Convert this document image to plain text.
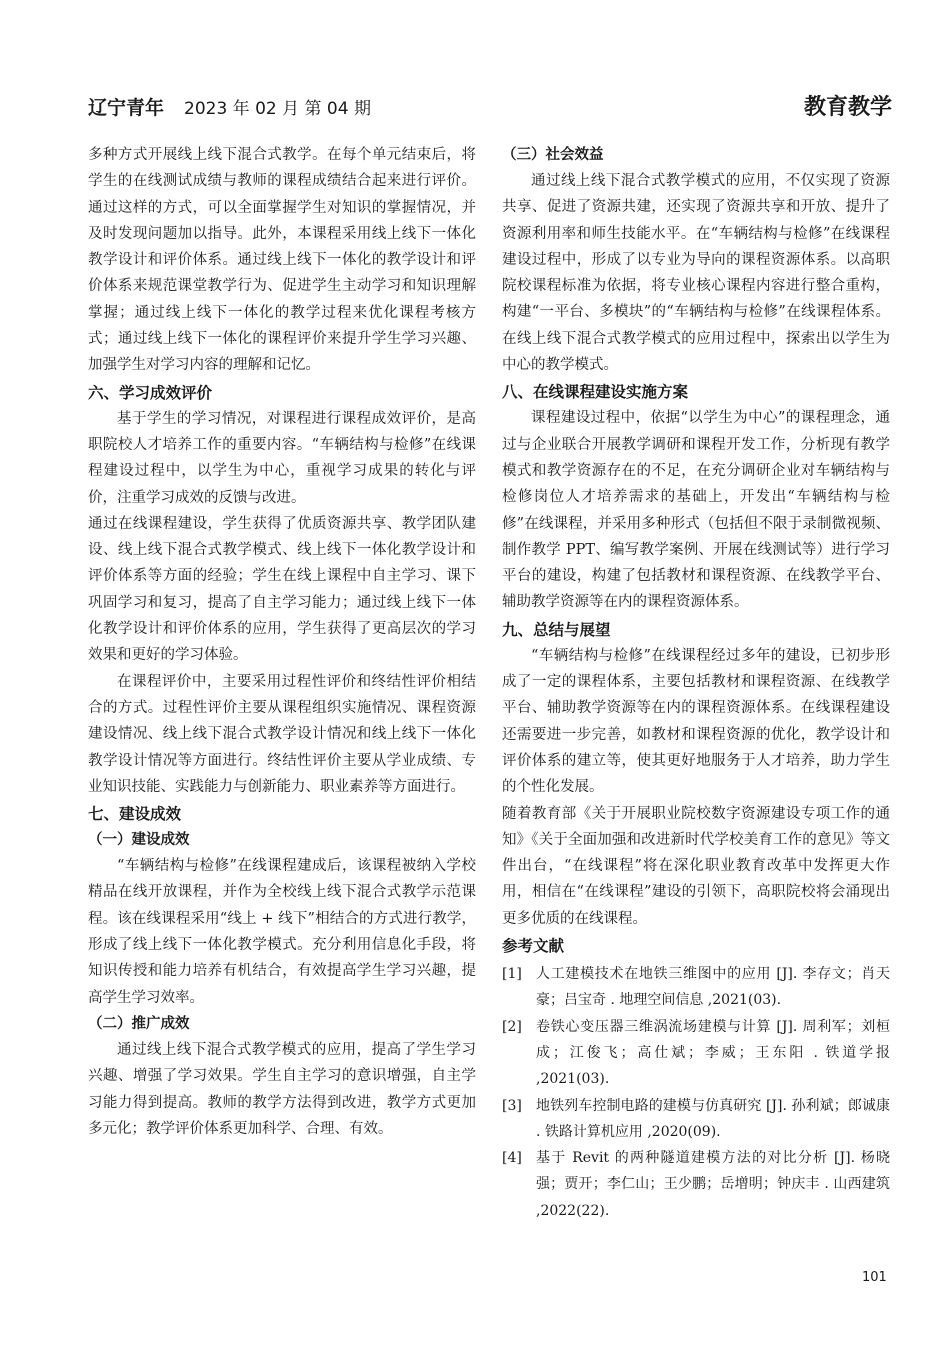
辽宁青年 2023 年 02 月 第 04 期	教育教学

多种方式开展线上线下混合式教学。在每个单元结束后，将学生的在线测试成绩与教师的课程成绩结合起来进行评价。通过这样的方式，可以全面掌握学生对知识的掌握情况，并及时发现问题加以指导。此外，本课程采用线上线下一体化教学设计和评价体系。通过线上线下一体化的教学设计和评价体系来规范课堂教学行为、促进学生主动学习和知识理解掌握；通过线上线下一体化的教学过程来优化课程考核方式；通过线上线下一体化的课程评价来提升学生学习兴趣、加强学生对学习内容的理解和记忆。

六、学习成效评价

基于学生的学习情况，对课程进行课程成效评价，是高职院校人才培养工作的重要内容。“车辆结构与检修”在线课程建设过程中，以学生为中心，重视学习成果的转化与评价，注重学习成效的反馈与改进。

通过在线课程建设，学生获得了优质资源共享、教学团队建设、线上线下混合式教学模式、线上线下一体化教学设计和评价体系等方面的经验；学生在线上课程中自主学习、课下巩固学习和复习，提高了自主学习能力；通过线上线下一体化教学设计和评价体系的应用，学生获得了更高层次的学习效果和更好的学习体验。

在课程评价中，主要采用过程性评价和终结性评价相结合的方式。过程性评价主要从课程组织实施情况、课程资源建设情况、线上线下混合式教学设计情况和线上线下一体化教学设计情况等方面进行。终结性评价主要从学业成绩、专业知识技能、实践能力与创新能力、职业素养等方面进行。

七、建设成效
（一）建设成效

“车辆结构与检修”在线课程建成后，该课程被纳入学校精品在线开放课程，并作为全校线上线下混合式教学示范课程。该在线课程采用“线上 + 线下”相结合的方式进行教学，形成了线上线下一体化教学模式。充分利用信息化手段，将知识传授和能力培养有机结合，有效提高学生学习兴趣，提高学生学习效率。

（二）推广成效

通过线上线下混合式教学模式的应用，提高了学生学习兴趣、增强了学习效果。学生自主学习的意识增强，自主学习能力得到提高。教师的教学方法得到改进，教学方式更加多元化；教学评价体系更加科学、合理、有效。

（三）社会效益

通过线上线下混合式教学模式的应用，不仅实现了资源共享、促进了资源共建，还实现了资源共享和开放、提升了资源利用率和师生技能水平。在“车辆结构与检修”在线课程建设过程中，形成了以专业为导向的课程资源体系。以高职院校课程标准为依据，将专业核心课程内容进行整合重构，构建“一平台、多模块”的“车辆结构与检修”在线课程体系。在线上线下混合式教学模式的应用过程中，探索出以学生为中心的教学模式。

八、在线课程建设实施方案

课程建设过程中，依据“以学生为中心”的课程理念，通过与企业联合开展教学调研和课程开发工作，分析现有教学模式和教学资源存在的不足，在充分调研企业对车辆结构与检修岗位人才培养需求的基础上，开发出“车辆结构与检修”在线课程，并采用多种形式（包括但不限于录制微视频、制作教学 PPT、编写教学案例、开展在线测试等）进行学习平台的建设，构建了包括教材和课程资源、在线教学平台、辅助教学资源等在内的课程资源体系。

九、总结与展望

“车辆结构与检修”在线课程经过多年的建设，已初步形成了一定的课程体系，主要包括教材和课程资源、在线教学平台、辅助教学资源等在内的课程资源体系。在线课程建设还需要进一步完善，如教材和课程资源的优化，教学设计和评价体系的建立等，使其更好地服务于人才培养，助力学生的个性化发展。

随着教育部《关于开展职业院校数字资源建设专项工作的通知》《关于全面加强和改进新时代学校美育工作的意见》等文件出台，“在线课程”将在深化职业教育改革中发挥更大作用，相信在“在线课程”建设的引领下，高职院校将会涌现出更多优质的在线课程。

参考文献
[1] 人工建模技术在地铁三维图中的应用 [J]. 李存文；肖天豪；吕宝奇 . 地理空间信息 ,2021(03).
[2] 卷铁心变压器三维涡流场建模与计算 [J]. 周利军；刘桓成；江俊飞；高仕斌；李威；王东阳 . 铁道学报 ,2021(03).
[3] 地铁列车控制电路的建模与仿真研究 [J]. 孙利斌；郎诚康 . 铁路计算机应用 ,2020(09).
[4] 基于 Revit 的两种隧道建模方法的对比分析 [J]. 杨晓强；贾开；李仁山；王少鹏；岳增明；钟庆丰 . 山西建筑 ,2022(22).
101
